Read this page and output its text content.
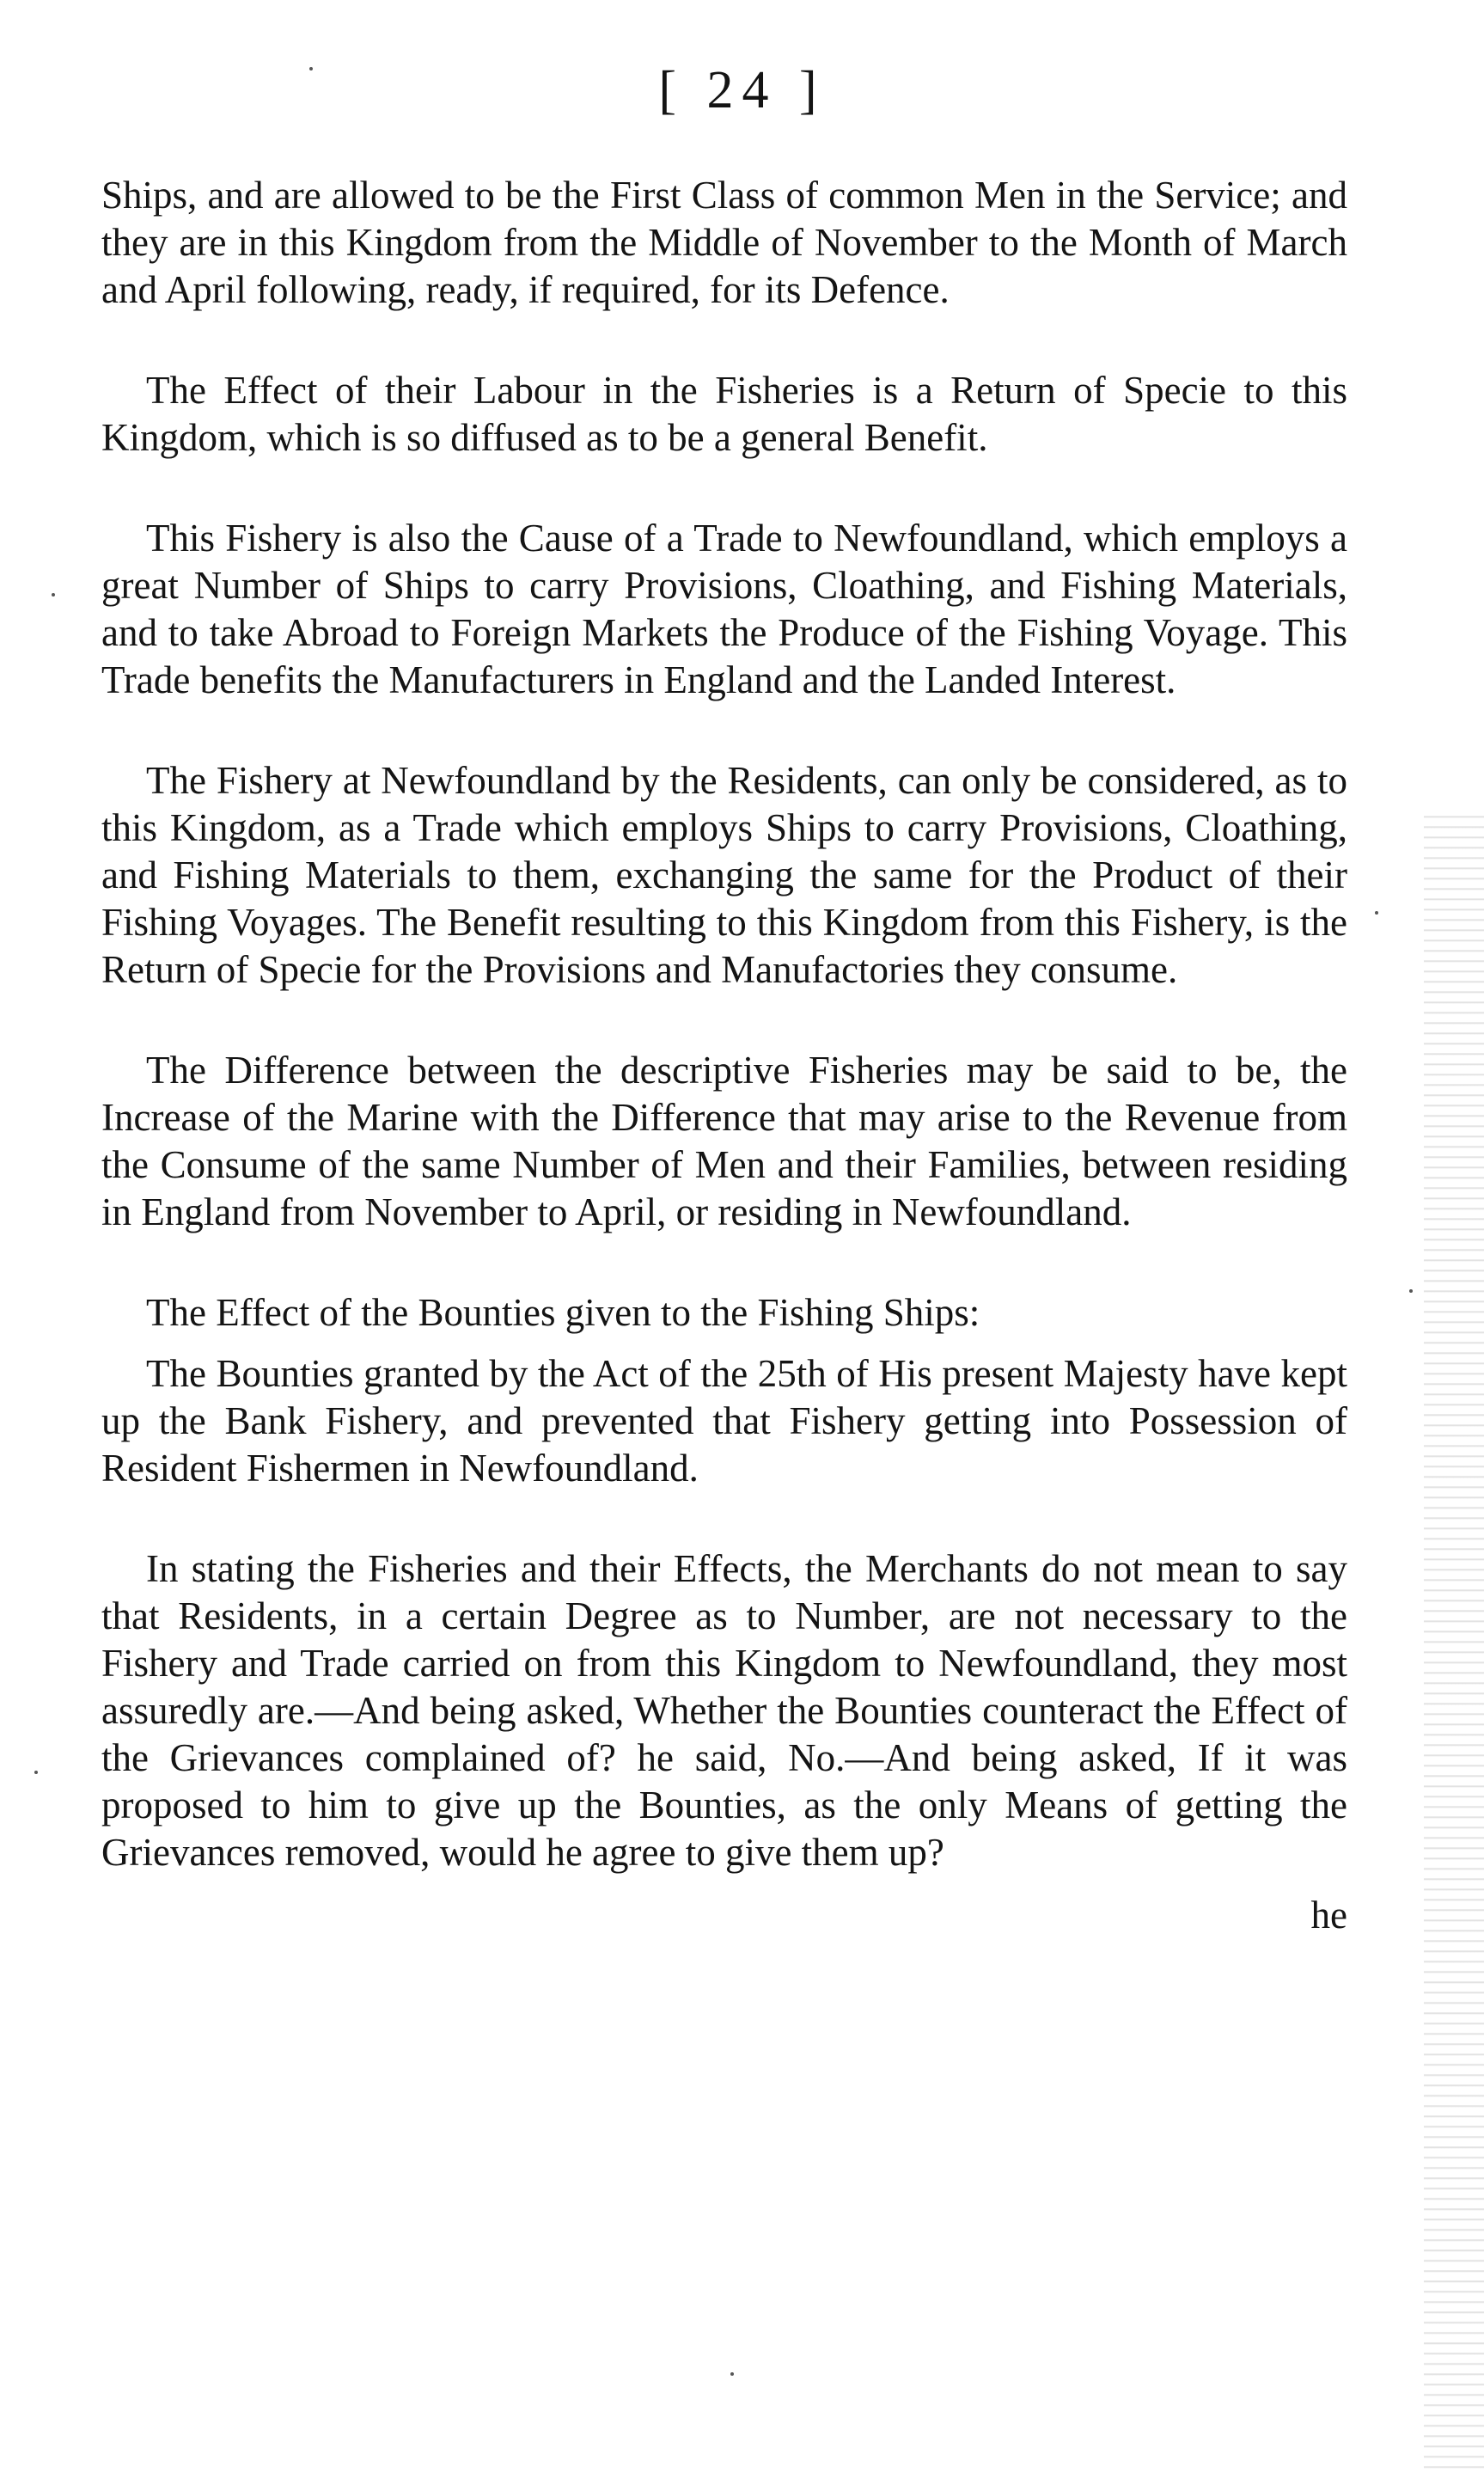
[ 24 ]

Ships, and are allowed to be the First Class of common Men in the Service; and they are in this Kingdom from the Middle of November to the Month of March and April following, ready, if required, for its Defence.

The Effect of their Labour in the Fisheries is a Return of Specie to this Kingdom, which is so diffused as to be a general Benefit.

This Fishery is also the Cause of a Trade to Newfoundland, which employs a great Number of Ships to carry Provisions, Cloathing, and Fishing Materials, and to take Abroad to Foreign Markets the Produce of the Fishing Voyage. This Trade benefits the Manufacturers in England and the Landed Interest.

The Fishery at Newfoundland by the Residents, can only be considered, as to this Kingdom, as a Trade which employs Ships to carry Provisions, Cloathing, and Fishing Materials to them, exchanging the same for the Product of their Fishing Voyages. The Benefit resulting to this Kingdom from this Fishery, is the Return of Specie for the Provisions and Manufactories they consume.

The Difference between the descriptive Fisheries may be said to be, the Increase of the Marine with the Difference that may arise to the Revenue from the Consume of the same Number of Men and their Families, between residing in England from November to April, or residing in Newfoundland.

The Effect of the Bounties given to the Fishing Ships:

The Bounties granted by the Act of the 25th of His present Majesty have kept up the Bank Fishery, and prevented that Fishery getting into Possession of Resident Fishermen in Newfoundland.

In stating the Fisheries and their Effects, the Merchants do not mean to say that Residents, in a certain Degree as to Number, are not necessary to the Fishery and Trade carried on from this Kingdom to Newfoundland, they most assuredly are.—And being asked, Whether the Bounties counteract the Effect of the Grievances complained of? he said, No.—And being asked, If it was proposed to him to give up the Bounties, as the only Means of getting the Grievances removed, would he agree to give them up?

he
